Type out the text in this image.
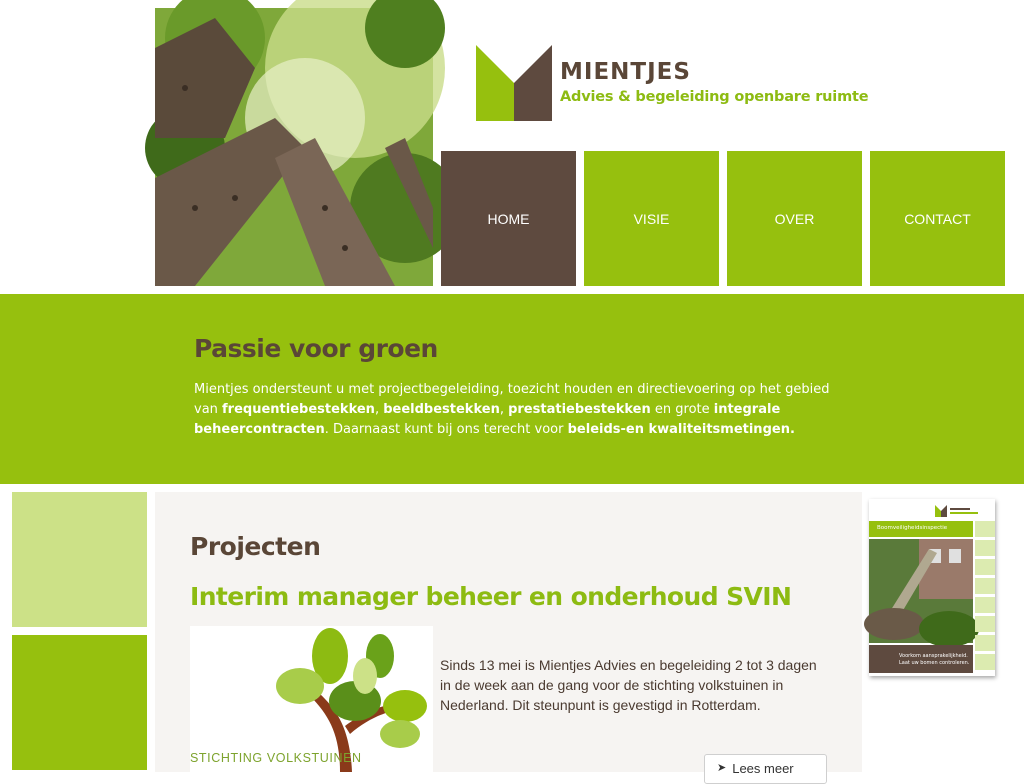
MIENTJES
Advies & begeleiding openbare ruimte
HOME	VISIE	OVER	CONTACT
Passie voor groen
Mientjes ondersteunt u met projectbegeleiding, toezicht houden en directievoering op het gebied van frequentiebestekken, beeldbestekken, prestatiebestekken en grote integrale beheercontracten. Daarnaast kunt bij ons terecht voor beleids-en kwaliteitsmetingen.
Projecten
Interim manager beheer en onderhoud SVIN
STICHTING VOLKSTUINEN
Sinds 13 mei is Mientjes Advies en begeleiding 2 tot 3 dagen in de week aan de gang voor de stichting volkstuinen in Nederland. Dit steunpunt is gevestigd in Rotterdam.
➤ Lees meer
Boomveiligheidsinspectie
Voorkom aansprakelijkheid.
Laat uw bomen controleren.
